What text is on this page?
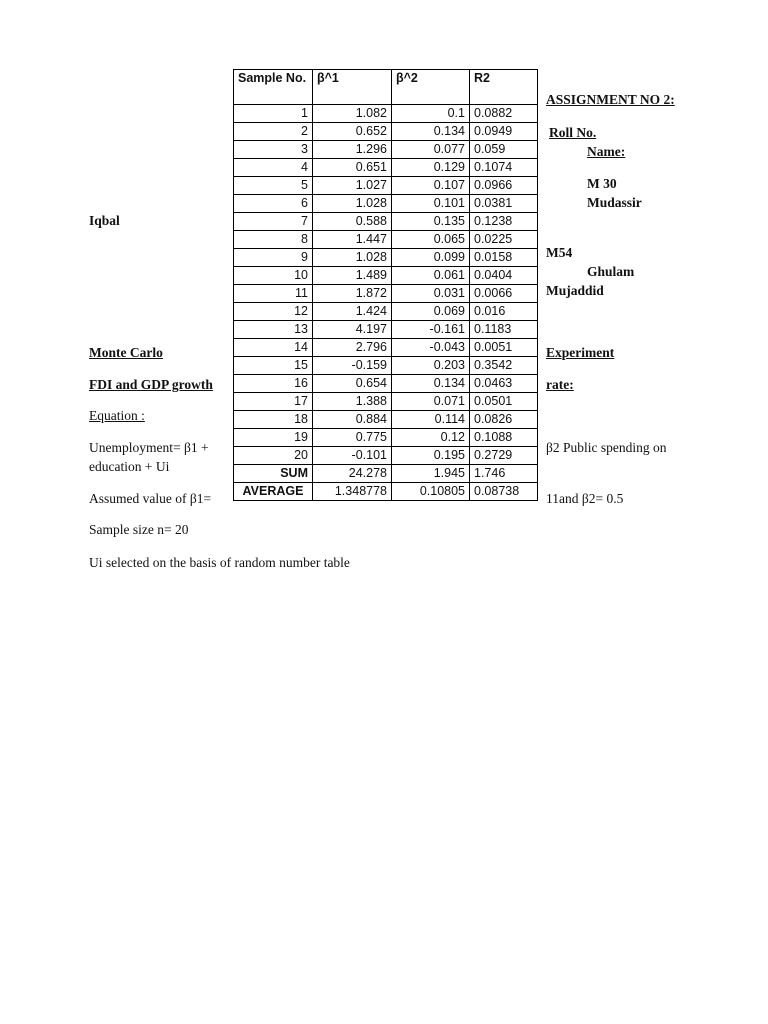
Iqbal
Monte Carlo
FDI and GDP growth
Equation :
Unemployment= β1 +
education + Ui
Assumed value of β1=
Sample size n= 20
Ui selected on the basis of random number table
ASSIGNMENT NO 2:
Roll No.
Name:
M 30
Mudassir
M54
Ghulam
Mujaddid
Experiment
rate:
β2 Public spending on
11and β2= 0.5
Sample No.	β^1	β^2	R2
1	1.082	0.1	0.0882
2	0.652	0.134	0.0949
3	1.296	0.077	0.059
4	0.651	0.129	0.1074
5	1.027	0.107	0.0966
6	1.028	0.101	0.0381
7	0.588	0.135	0.1238
8	1.447	0.065	0.0225
9	1.028	0.099	0.0158
10	1.489	0.061	0.0404
11	1.872	0.031	0.0066
12	1.424	0.069	0.016
13	4.197	-0.161	0.1183
14	2.796	-0.043	0.0051
15	-0.159	0.203	0.3542
16	0.654	0.134	0.0463
17	1.388	0.071	0.0501
18	0.884	0.114	0.0826
19	0.775	0.12	0.1088
20	-0.101	0.195	0.2729
SUM	24.278	1.945	1.746
AVERAGE	1.348778	0.10805	0.08738
